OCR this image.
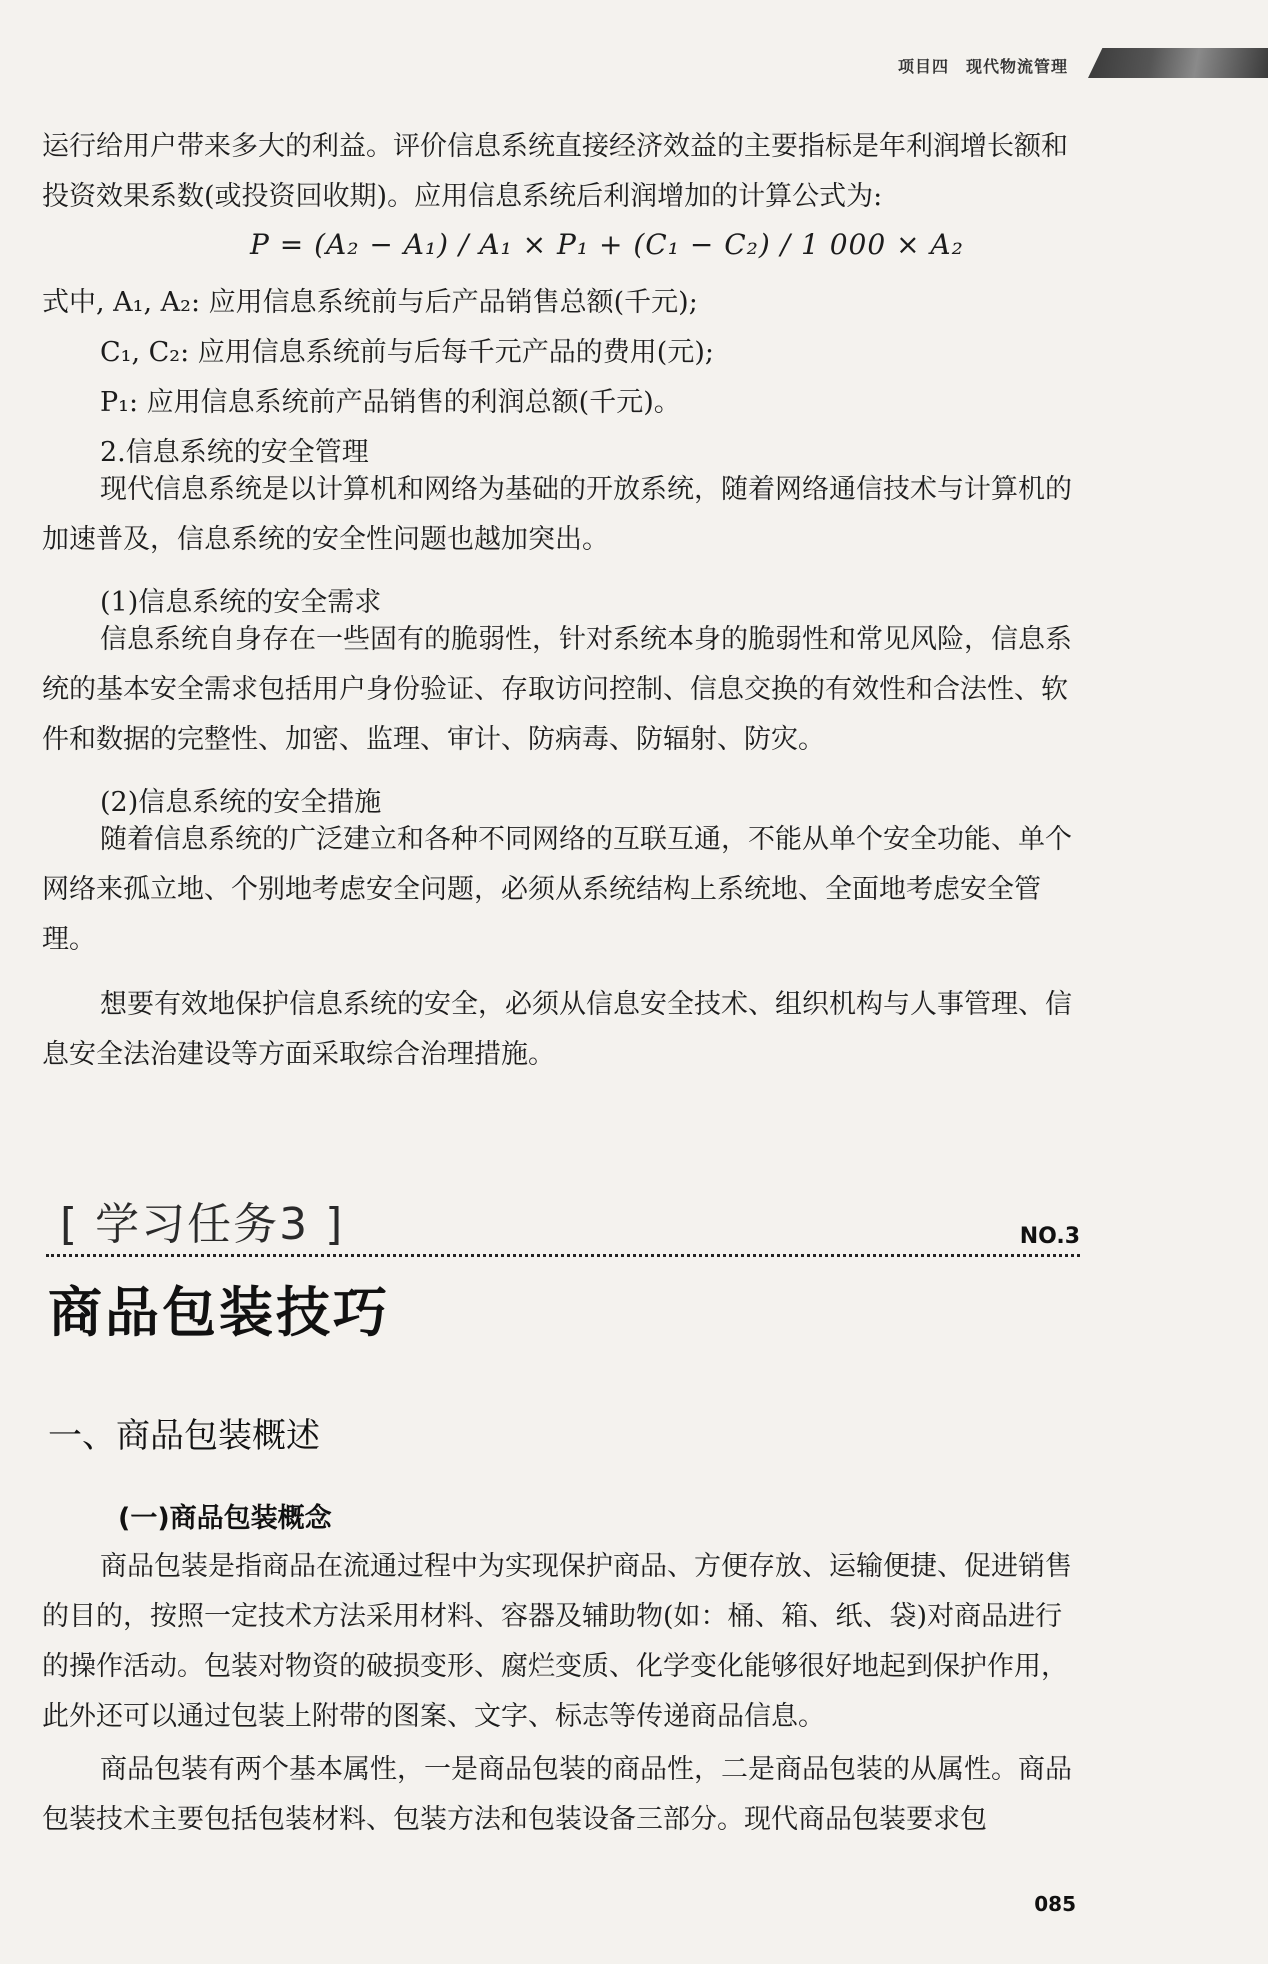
项目四　现代物流管理
运行给用户带来多大的利益。评价信息系统直接经济效益的主要指标是年利润增长额和投资效果系数(或投资回收期)。应用信息系统后利润增加的计算公式为:
P = (A₂ − A₁) / A₁ × P₁ + (C₁ − C₂) / 1 000 × A₂
式中, A₁, A₂: 应用信息系统前与后产品销售总额(千元);
C₁, C₂: 应用信息系统前与后每千元产品的费用(元);
P₁: 应用信息系统前产品销售的利润总额(千元)。
2.信息系统的安全管理
现代信息系统是以计算机和网络为基础的开放系统，随着网络通信技术与计算机的加速普及，信息系统的安全性问题也越加突出。
(1)信息系统的安全需求
信息系统自身存在一些固有的脆弱性，针对系统本身的脆弱性和常见风险，信息系统的基本安全需求包括用户身份验证、存取访问控制、信息交换的有效性和合法性、软件和数据的完整性、加密、监理、审计、防病毒、防辐射、防灾。
(2)信息系统的安全措施
随着信息系统的广泛建立和各种不同网络的互联互通，不能从单个安全功能、单个网络来孤立地、个别地考虑安全问题，必须从系统结构上系统地、全面地考虑安全管理。
想要有效地保护信息系统的安全，必须从信息安全技术、组织机构与人事管理、信息安全法治建设等方面采取综合治理措施。
[ 学习任务3 ]	NO.3
商品包装技巧
一、商品包装概述
(一)商品包装概念
商品包装是指商品在流通过程中为实现保护商品、方便存放、运输便捷、促进销售的目的，按照一定技术方法采用材料、容器及辅助物(如：桶、箱、纸、袋)对商品进行的操作活动。包装对物资的破损变形、腐烂变质、化学变化能够很好地起到保护作用，此外还可以通过包装上附带的图案、文字、标志等传递商品信息。
商品包装有两个基本属性，一是商品包装的商品性，二是商品包装的从属性。商品包装技术主要包括包装材料、包装方法和包装设备三部分。现代商品包装要求包
085
